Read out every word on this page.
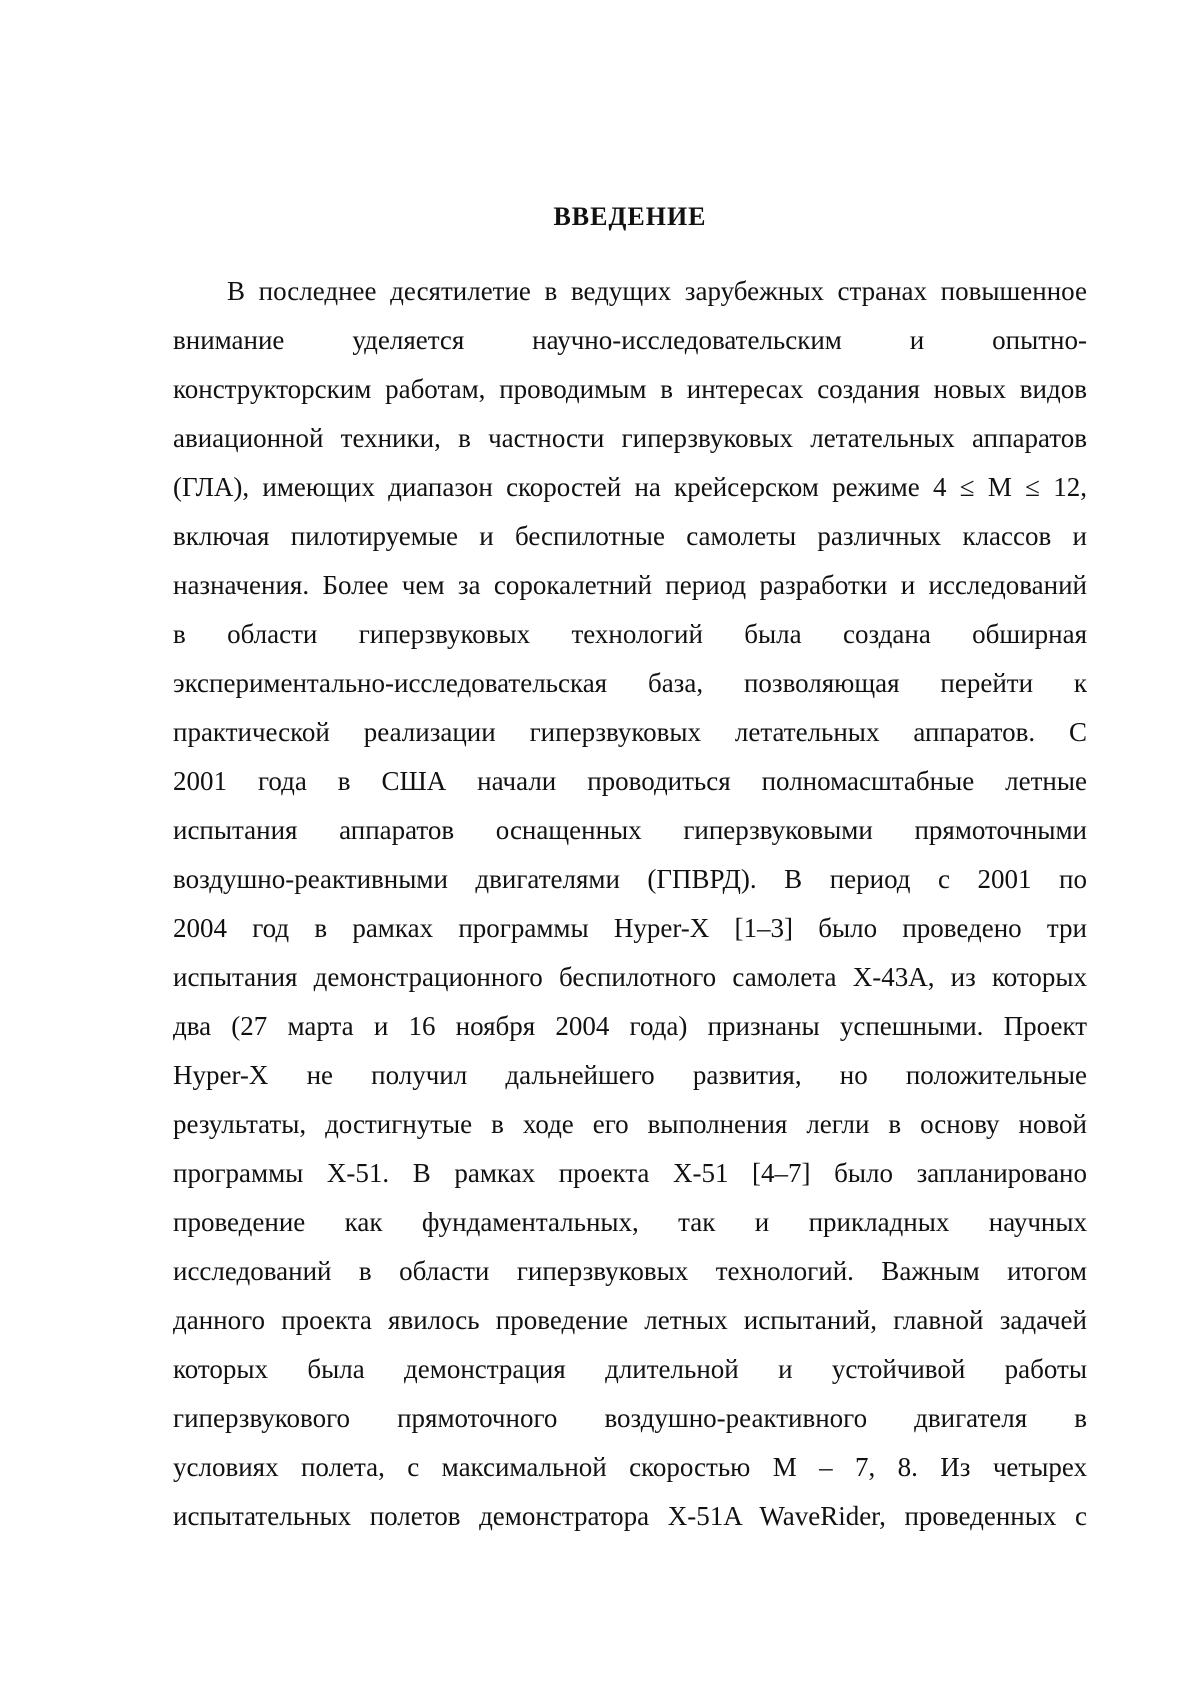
ВВЕДЕНИЕ
В последнее десятилетие в ведущих зарубежных странах повышенное
внимание уделяется научно-исследовательским и опытно-
конструкторским работам, проводимым в интересах создания новых видов
авиационной техники, в частности гиперзвуковых летательных аппаратов
(ГЛА), имеющих диапазон скоростей на крейсерском режиме 4 ≤ M ≤ 12,
включая пилотируемые и беспилотные самолеты различных классов и
назначения. Более чем за сорокалетний период разработки и исследований
в области гиперзвуковых технологий была создана обширная
экспериментально-исследовательская база, позволяющая перейти к
практической реализации гиперзвуковых летательных аппаратов. С
2001 года в США начали проводиться полномасштабные летные
испытания аппаратов оснащенных гиперзвуковыми прямоточными
воздушно-реактивными двигателями (ГПВРД). В период с 2001 по
2004 год в рамках программы Hyper-X [1–3] было проведено три
испытания демонстрационного беспилотного самолета X-43A, из которых
два (27 марта и 16 ноября 2004 года) признаны успешными. Проект
Hyper-X не получил дальнейшего развития, но положительные
результаты, достигнутые в ходе его выполнения легли в основу новой
программы X-51. В рамках проекта X-51 [4–7] было запланировано
проведение как фундаментальных, так и прикладных научных
исследований в области гиперзвуковых технологий. Важным итогом
данного проекта явилось проведение летных испытаний, главной задачей
которых была демонстрация длительной и устойчивой работы
гиперзвукового прямоточного воздушно-реактивного двигателя в
условиях полета, с максимальной скоростью M – 7, 8. Из четырех
испытательных полетов демонстратора X-51A WaveRider, проведенных с
